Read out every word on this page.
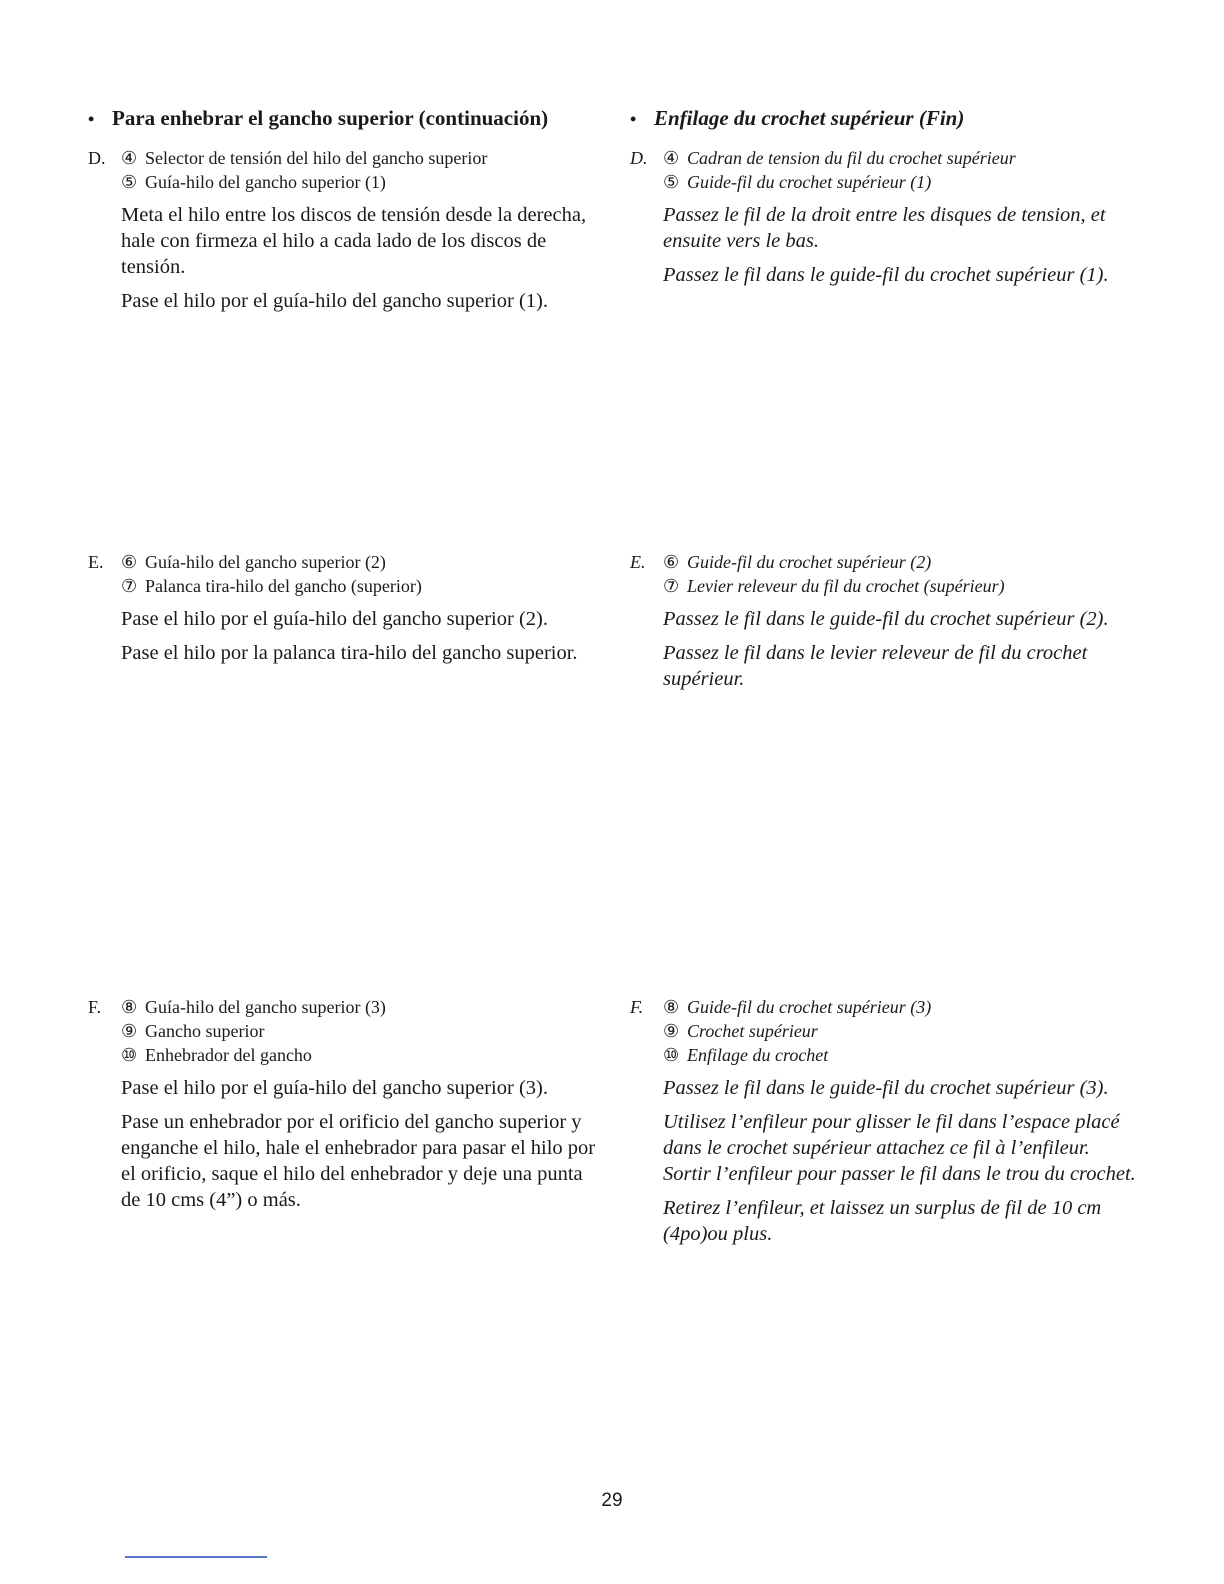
• Para enhebrar el gancho superior (continuación)	• Enfilage du crochet supérieur (Fin)
D. ④ Selector de tensión del hilo del gancho superior
⑤ Guía-hilo del gancho superior (1)

Meta el hilo entre los discos de tensión desde la derecha, hale con firmeza el hilo a cada lado de los discos de tensión.

Pase el hilo por el guía-hilo del gancho superior (1).

D. ④ Cadran de tension du fil du crochet supérieur
⑤ Guide-fil du crochet supérieur (1)

Passez le fil de la droit entre les disques de tension, et ensuite vers le bas.

Passez le fil dans le guide-fil du crochet supérieur (1).

E. ⑥ Guía-hilo del gancho superior (2)
⑦ Palanca tira-hilo del gancho (superior)

Pase el hilo por el guía-hilo del gancho superior (2).

Pase el hilo por la palanca tira-hilo del gancho superior.

E. ⑥ Guide-fil du crochet supérieur (2)
⑦ Levier releveur du fil du crochet (supérieur)

Passez le fil dans le guide-fil du crochet supérieur (2).

Passez le fil dans le levier releveur de fil du crochet supérieur.

F.	⑧ Guía-hilo del gancho superior (3)
⑨ Gancho superior
⑩ Enhebrador del gancho

Pase el hilo por el guía-hilo del gancho superior (3).

Pase un enhebrador por el orificio del gancho superior y enganche el hilo, hale el enhebrador para pasar el hilo por el orificio, saque el hilo del enhebrador y deje una punta de 10 cms (4”) o más.

F.	⑧ Guide-fil du crochet supérieur (3)
⑨ Crochet supérieur
⑩ Enfilage du crochet

Passez le fil dans le guide-fil du crochet supérieur (3).

Utilisez l’enfileur pour glisser le fil dans l’espace placé dans le crochet supérieur attachez ce fil à l’enfileur. Sortir l’enfileur pour passer le fil dans le trou du crochet.

Retirez l’enfileur, et laissez un surplus de fil de 10 cm (4po)ou plus.

29
